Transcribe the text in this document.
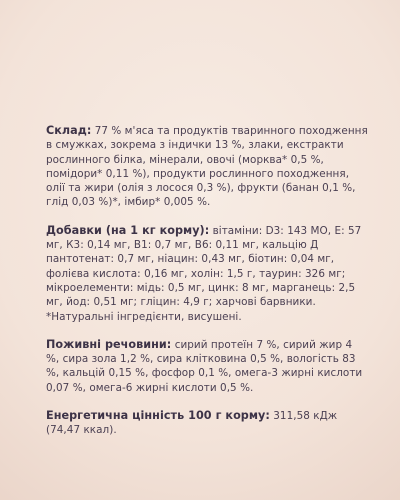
Склад: 77 % м'яса та продуктів тваринного походження в смужках, зокрема з індички 13 %, злаки, екстракти рослинного білка, мінерали, овочі (морква* 0,5 %, помідори* 0,11 %), продукти рослинного походження, олії та жири (олія з лосося 0,3 %), фрукти (банан 0,1 %, глід 0,03 %)*, імбир* 0,005 %.

Добавки (на 1 кг корму): вітаміни: D3: 143 МО, Е: 57 мг, К3: 0,14 мг, В1: 0,7 мг, В6: 0,11 мг, кальцію Д пантотенат: 0,7 мг, ніацин: 0,43 мг, біотин: 0,04 мг, фолієва кислота: 0,16 мг, холін: 1,5 г, таурин: 326 мг; мікроелементи: мідь: 0,5 мг, цинк: 8 мг, марганець: 2,5 мг, йод: 0,51 мг; гліцин: 4,9 г; харчові барвники. *Натуральні інгредієнти, висушені.

Поживні речовини: сирий протеїн 7 %, сирий жир 4 %, сира зола 1,2 %, сира клітковина 0,5 %, вологість 83 %, кальцій 0,15 %, фосфор 0,1 %, омега-3 жирні кислоти 0,07 %, омега-6 жирні кислоти 0,5 %.

Енергетична цінність 100 г корму: 311,58 кДж (74,47 ккал).
